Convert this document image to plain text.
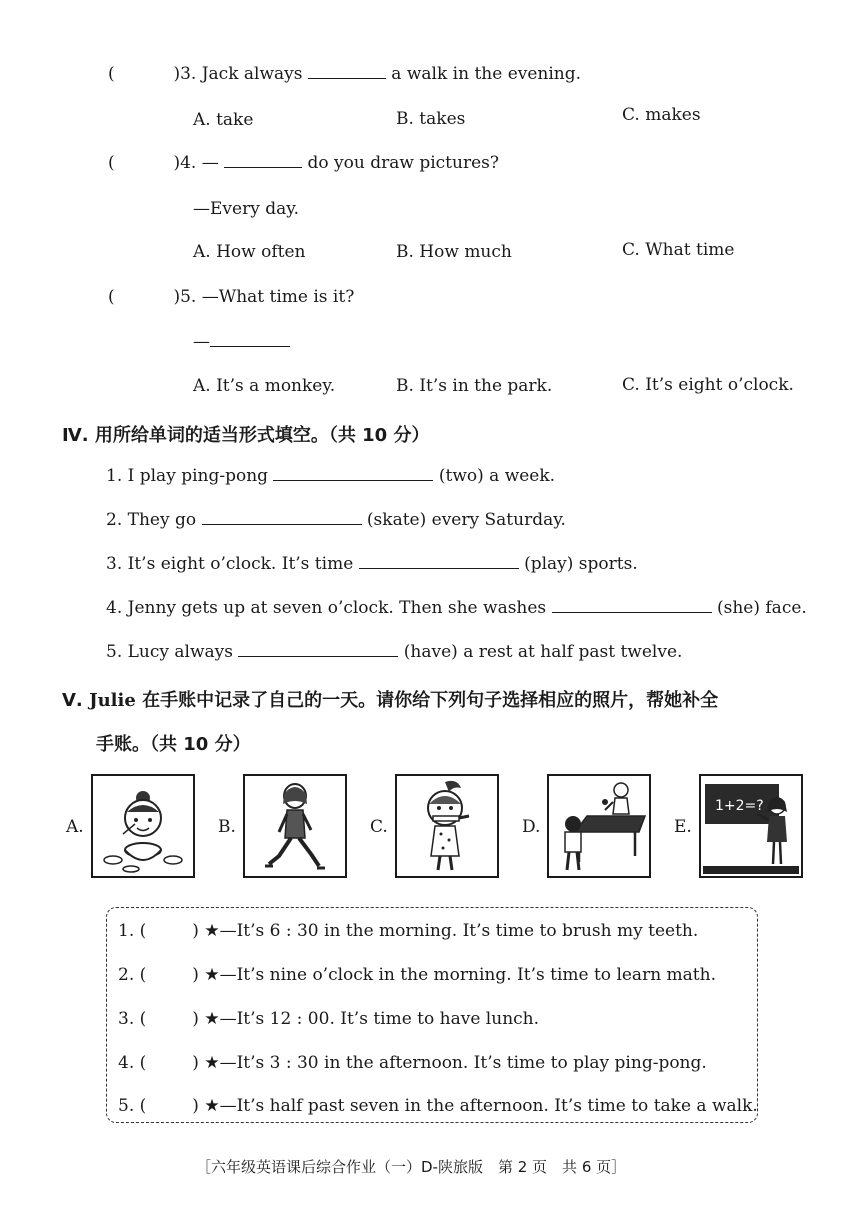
(	)3. Jack always	a walk in the evening.
A. take	B. takes	C. makes
(	)4. —	do you draw pictures?
—Every day.
A. How often	B. How much	C. What time
(	)5. —What time is it?
—
A. It’s a monkey.	B. It’s in the park.	C. It’s eight o’clock.
Ⅳ. 用所给单词的适当形式填空。（共 10 分）
1. I play ping-pong	(two) a week.
2. They go	(skate) every Saturday.
3. It’s eight o’clock. It’s time	(play) sports.
4. Jenny gets up at seven o’clock. Then she washes	(she) face.
5. Lucy always	(have) a rest at half past twelve.
Ⅴ. Julie 在手账中记录了自己的一天。请你给下列句子选择相应的照片，帮她补全
手账。（共 10 分）
A.	B.	C.	D.	E.
1+2=?
1. (	) ★—It’s 6 : 30 in the morning. It’s time to brush my teeth.
2. (	) ★—It’s nine o’clock in the morning. It’s time to learn math.
3. (	) ★—It’s 12 : 00. It’s time to have lunch.
4. (	) ★—It’s 3 : 30 in the afternoon. It’s time to play ping-pong.
5. (	) ★—It’s half past seven in the afternoon. It’s time to take a walk.
［六年级英语课后综合作业（一）D-陕旅版　第 2 页　共 6 页］
